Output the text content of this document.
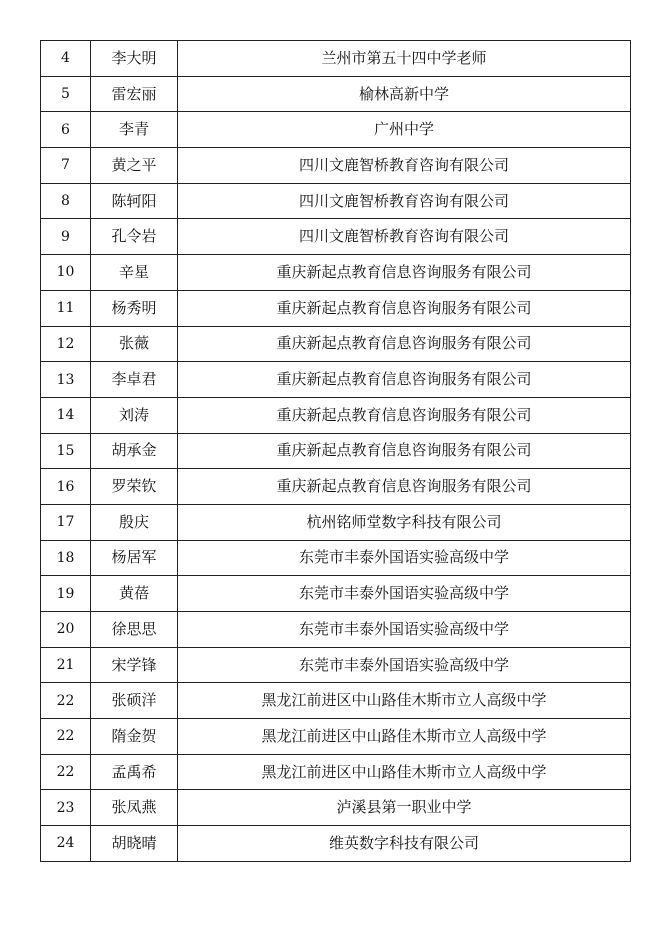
4	李大明	兰州市第五十四中学老师
5	雷宏丽	榆林高新中学
6	李青	广州中学
7	黄之平	四川文鹿智桥教育咨询有限公司
8	陈轲阳	四川文鹿智桥教育咨询有限公司
9	孔令岩	四川文鹿智桥教育咨询有限公司
10	辛星	重庆新起点教育信息咨询服务有限公司
11	杨秀明	重庆新起点教育信息咨询服务有限公司
12	张薇	重庆新起点教育信息咨询服务有限公司
13	李卓君	重庆新起点教育信息咨询服务有限公司
14	刘涛	重庆新起点教育信息咨询服务有限公司
15	胡承金	重庆新起点教育信息咨询服务有限公司
16	罗荣钦	重庆新起点教育信息咨询服务有限公司
17	殷庆	杭州铭师堂数字科技有限公司
18	杨居军	东莞市丰泰外国语实验高级中学
19	黄蓓	东莞市丰泰外国语实验高级中学
20	徐思思	东莞市丰泰外国语实验高级中学
21	宋学锋	东莞市丰泰外国语实验高级中学
22	张硕洋	黑龙江前进区中山路佳木斯市立人高级中学
22	隋金贺	黑龙江前进区中山路佳木斯市立人高级中学
22	孟禹希	黑龙江前进区中山路佳木斯市立人高级中学
23	张凤燕	泸溪县第一职业中学
24	胡晓晴	维英数字科技有限公司
